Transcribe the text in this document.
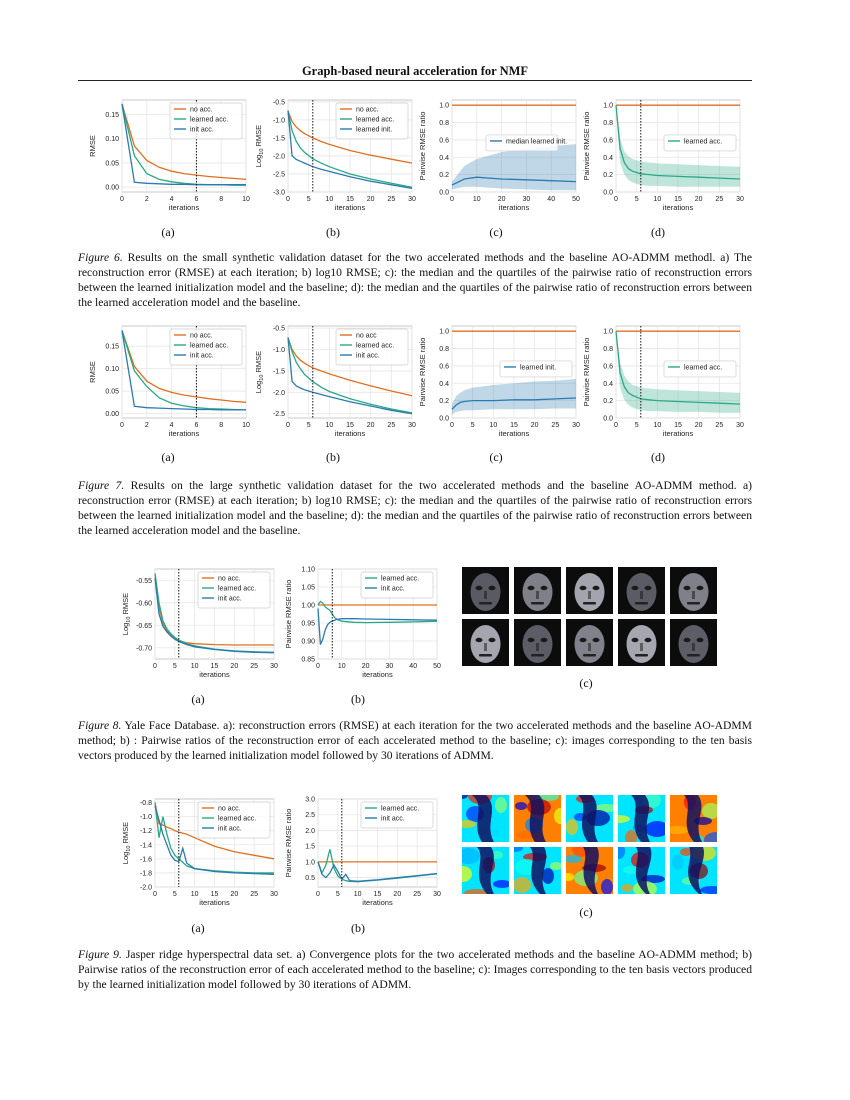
Graph-based neural acceleration for NMF
0.00
0.05
0.10
0.15
0	2	4	6	8	10
iterations
RMSE
no acc.
learned acc.
init acc.
-3.0
-2.5
-2.0
-1.5
-1.0
-0.5
0 5 10 15 20 25 30
iterations
Log$_{10}$ RMSE
no acc.
learned acc.
learned init.
0.0
0.2
0.4
0.6
0.8
1.0
0	10 20 30 40 50
iterations
Pairwise RMSE ratio	median learned init.
0.0
0.2
0.4
0.6
0.8
1.0
0 5 10 15 20 25 30
iterations
Pairwise RMSE ratio	learned acc.
(a)	(b)	(c)	(d)
Figure 6. Results on the small synthetic validation dataset for the two accelerated methods and the baseline AO-ADMM methodl. a) The reconstruction error (RMSE) at each iteration; b) log10 RMSE; c): the median and the quartiles of the pairwise ratio of reconstruction errors between the learned initialization model and the baseline; d): the median and the quartiles of the pairwise ratio of reconstruction errors between the learned acceleration model and the baseline.
0.00
0.05
0.10
0.15
0	2	4	6	8	10
iterations
RMSE
no acc.
learned acc.
init acc.
-2.5
-2.0
-1.5
-1.0
-0.5
0 5 10 15 20 25 30
iterations
Log$_{10}$ RMSE
no acc
learned acc.
init acc.
0.0
0.2
0.4
0.6
0.8
1.0
0 5 10 15 20 25 30
iterations
Pairwise RMSE ratio	learned init.
0.0
0.2
0.4
0.6
0.8
1.0
0 5 10 15 20 25 30
iterations
Pairwise RMSE ratio	learned acc.
(a)	(b)	(c)	(d)
Figure 7. Results on the large synthetic validation dataset for the two accelerated methods and the baseline AO-ADMM method. a) reconstruction error (RMSE) at each iteration; b) log10 RMSE; c): the median and the quartiles of the pairwise ratio of reconstruction errors between the learned initialization model and the baseline; d): the median and the quartiles of the pairwise ratio of reconstruction errors between the learned acceleration model and the baseline.
-0.70
-0.65
-0.60
-0.55
0 5 10 15 20 25 30
iterations
Log$_{10}$ RMSE
no acc.
learned acc.
init acc.
0.85
0.90
0.95
1.00
1.05
1.10
0	10 20 30 40 50
iterations
Pairwise RMSE ratio
learned acc.
init acc.
(a)	(b)
(c)
Figure 8. Yale Face Database. a): reconstruction errors (RMSE) at each iteration for the two accelerated methods and the baseline AO-ADMM method; b) : Pairwise ratios of the reconstruction error of each accelerated method to the baseline; c): images corresponding to the ten basis vectors produced by the learned initialization model followed by 30 iterations of ADMM.
-2.0
-1.8
-1.6
-1.4
-1.2
-1.0
-0.8
0 5 10 15 20 25 30
iterations
Log$_{10}$ RMSE
no acc.
learned acc.
init acc.
0.5
1.0
1.5
2.0
2.5
3.0
0 5 10 15 20 25 30
iterations
Pairwise RMSE ratio	learned acc.
init acc.
(a)	(b)
(c)
Figure 9. Jasper ridge hyperspectral data set. a) Convergence plots for the two accelerated methods and the baseline AO-ADMM method; b) Pairwise ratios of the reconstruction error of each accelerated method to the baseline; c): Images corresponding to the ten basis vectors produced by the learned initialization model followed by 30 iterations of ADMM.
